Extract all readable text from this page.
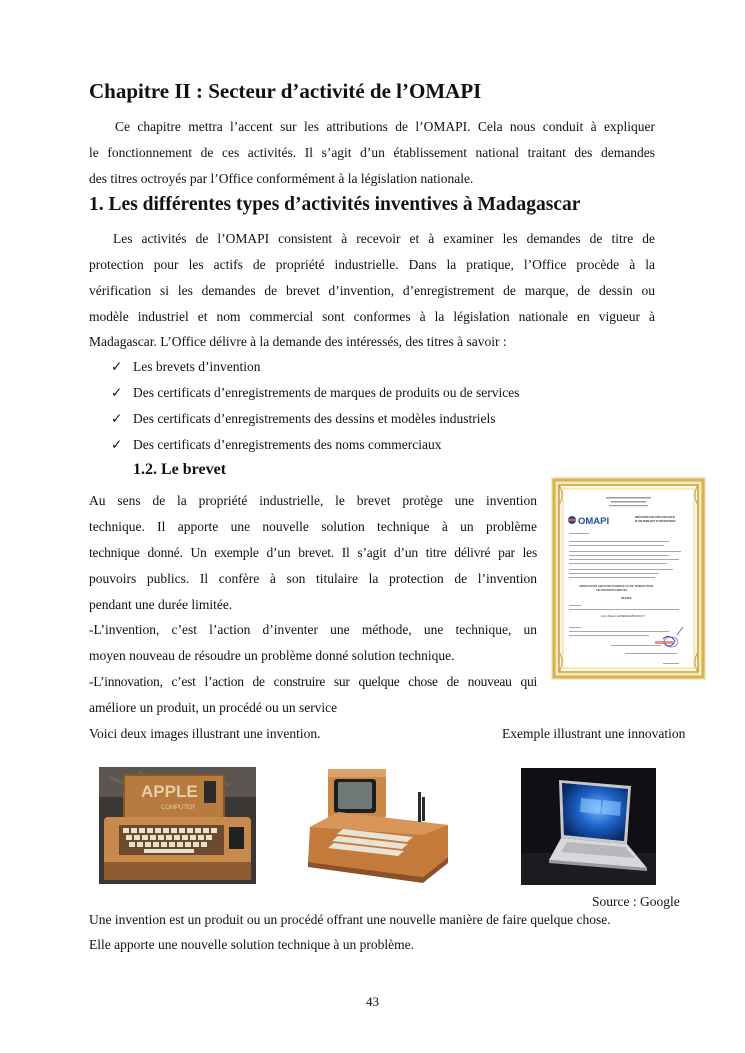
Chapitre II : Secteur d’activité de l’OMAPI
Ce chapitre mettra l’accent sur les attributions de l’OMAPI. Cela nous conduit à expliquer
le fonctionnement de ces activités. Il s’agit d’un établissement national traitant des demandes
des titres octroyés par l’Office conformément à la législation nationale.
1. Les différentes types d’activités inventives à Madagascar
Les activités de l’OMAPI consistent à recevoir et à examiner les demandes de titre de
protection pour les actifs de propriété industrielle. Dans la pratique, l’Office procède à la
vérification si les demandes de brevet d’invention, d’enregistrement de marque, de dessin ou
modèle industriel et nom commercial sont conformes à la législation nationale en vigueur à
Madagascar. L’Office délivre à la demande des intéressés, des titres à savoir :
✓ Les brevets d’invention
✓ Des certificats d’enregistrements de marques de produits ou de services
✓ Des certificats d’enregistrements des dessins et modèles industriels
✓ Des certificats d’enregistrements des noms commerciaux
1.2. Le brevet
Au sens de la propriété industrielle, le brevet protège une invention
technique. Il apporte une nouvelle solution technique à un problème
technique donné. Un exemple d’un brevet. Il s’agit d’un titre délivré par les
pouvoirs publics. Il confère à son titulaire la protection de l’invention
pendant une durée limitée.
-L’invention, c’est l’action d’inventer une méthode, une technique, un
moyen nouveau de résoudre un problème donné solution technique.
-L’innovation, c’est l’action de construire sur quelque chose de nouveau qui
améliore un produit, un procédé ou un service
OMAPI	DÉCISION DE DÉLIVRANCE
D’UN BREVET D’INVENTION
VERIFICATION GRATUITE D’ESPECE OU DE TENEUR POUR
VALIDATION DU BREVET
DÉCIDE
Jean Miguel ANDRIAMAHAVONJY
Voici deux images illustrant une invention.	Exemple illustrant une innovation
APPLE
COMPUTER
Source : Google
Une invention est un produit ou un procédé offrant une nouvelle manière de faire quelque chose.
Elle apporte une nouvelle solution technique à un problème.
43
